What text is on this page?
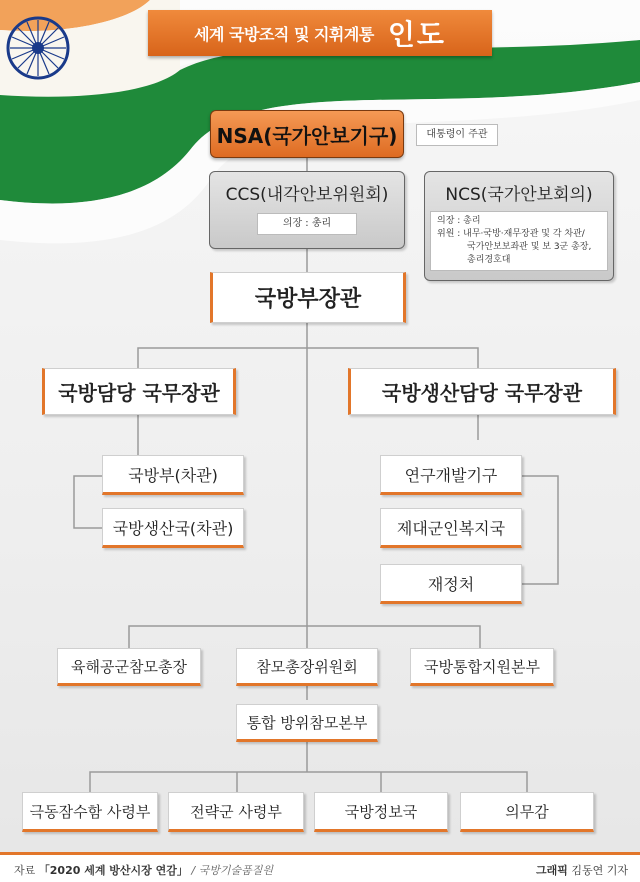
세계 국방조직 및 지휘계통 인도
NSA(국가안보기구)	대통령이 주관
CCS(내각안보위원회)
의장 : 총리
NCS(국가안보회의)
의장 : 총리
위원 : 내무·국방·재무장관 및 각 차관/
국가안보보좌관 및 보 3군 총장,
총리경호대
국방부장관
국방담당 국무장관	국방생산담당 국무장관
국방부(차관)
국방생산국(차관)
연구개발기구
제대군인복지국
재정처
육해공군참모총장	참모총장위원회	국방통합지원본부
통합 방위참모본부
극동잠수함 사령부	전략군 사령부	국방정보국	의무감
자료 「2020 세계 방산시장 연감」 / 국방기술품질원	그래픽 김동연 기자
